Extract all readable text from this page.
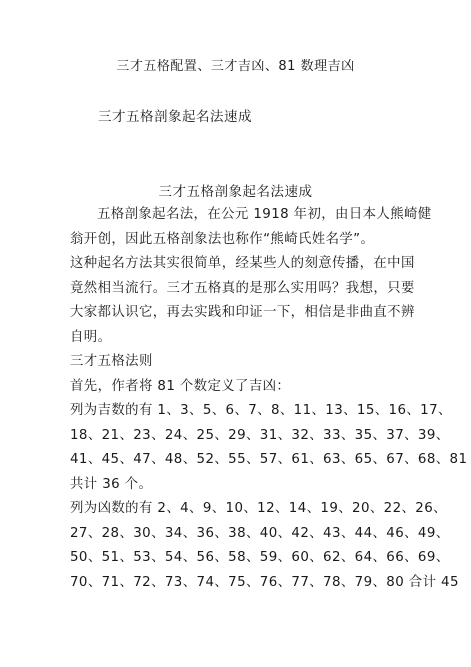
三才五格配置、三才吉凶、81 数理吉凶
三才五格剖象起名法速成
三才五格剖象起名法速成
五格剖象起名法，在公元 1918 年初，由日本人熊崎健
翁开创，因此五格剖象法也称作“熊崎氏姓名学”。
这种起名方法其实很简单，经某些人的刻意传播，在中国
竟然相当流行。三才五格真的是那么实用吗？我想，只要
大家都认识它，再去实践和印证一下，相信是非曲直不辨
自明。
三才五格法则
首先，作者将 81 个数定义了吉凶：
列为吉数的有 1、3、5、6、7、8、11、13、15、16、17、
18、21、23、24、25、29、31、32、33、35、37、39、
41、45、47、48、52、55、57、61、63、65、67、68、81
共计 36 个。
列为凶数的有 2、4、9、10、12、14、19、20、22、26、
27、28、30、34、36、38、40、42、43、44、46、49、
50、51、53、54、56、58、59、60、62、64、66、69、
70、71、72、73、74、75、76、77、78、79、80 合计 45
